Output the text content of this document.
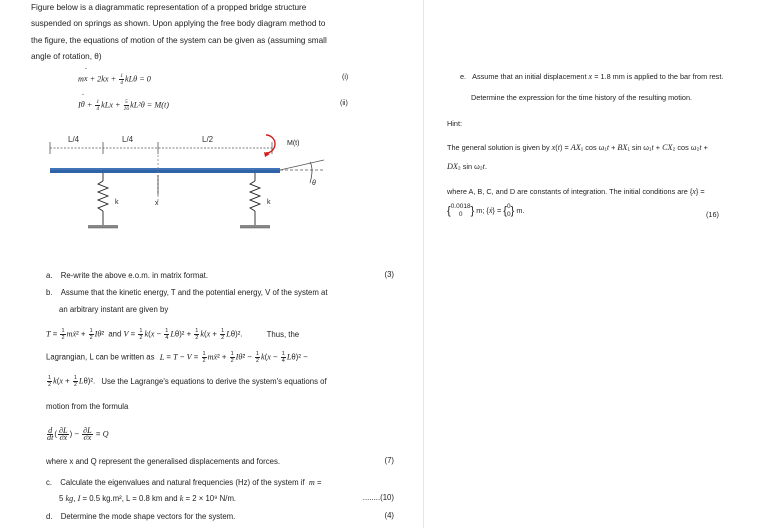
Figure below is a diagrammatic representation of a propped bridge structure
suspended on springs as shown. Upon applying the free body diagram method to
the figure, the equations of motion of the system can be given as (assuming small
angle of rotation, θ)
mx
¨
+ $2kx + \frac{1}{4}$ kLθ = 0	(i)
Iθ
¨
+ $\frac{1}{4}$ kLx + $\frac{5}{16} kL^2\theta = M(t)$	(ii)
L/4	L/4	L/2	M(t)
θ
k	x	k
a. Re-write the above e.o.m. in matrix format.	(3)
b. Assume that the kinetic energy, T and the potential energy, V of the system at
an arbitrary instant are given by
$T = \frac{1}{2}$ mẋ² + $\frac{1}{2}$ Iθ̇²  and $V = \frac{1}{2} k(x - \frac{1}{4} L\theta)^2 + \frac{1}{2} k(x + \frac{1}{2} L\theta)^2$.	Thus, the
Lagrangian, L can be written as $L = T - V = \frac{1}{2}$ mẋ² + $\frac{1}{2}$ Iθ̇² − $\frac{1}{2} k(x - \frac{1}{4} L\theta)^2$ −
$\frac{1}{2} k(x + \frac{1}{2} L\theta)^2$. Use the Lagrange's equations to derive the system's equations of
motion from the formula
$\frac{d}{dt}$ ( $\frac{\partial L}{\text{∂ẋ}}$ ) − $\frac{\partial L}{\partial x} = Q$
where x and Q represent the generalised displacements and forces.	(7)
c. Calculate the eigenvalues and natural frequencies (Hz) of the system if m =
5 kg, I = 0.5 kg.m², L = 0.8 km and k = 2 × 10⁹ N/m.	........(10)
d. Determine the mode shape vectors for the system.	(4)
e. Assume that an initial displacement x = 1.8 mm is applied to the bar from rest.
Determine the expression for the time history of the resulting motion.
Hint:
The general solution is given by x(t) = AX₁ cos ω₁t + BX₁ sin ω₁t + CX₂ cos ω₂t +
DX₂ sin ω₂t.
where A, B, C, and D are constants of integration. The initial conditions are {x} =
{ 0.0018
0 } m; {ẋ} = { 0
0 } m.	(16)
